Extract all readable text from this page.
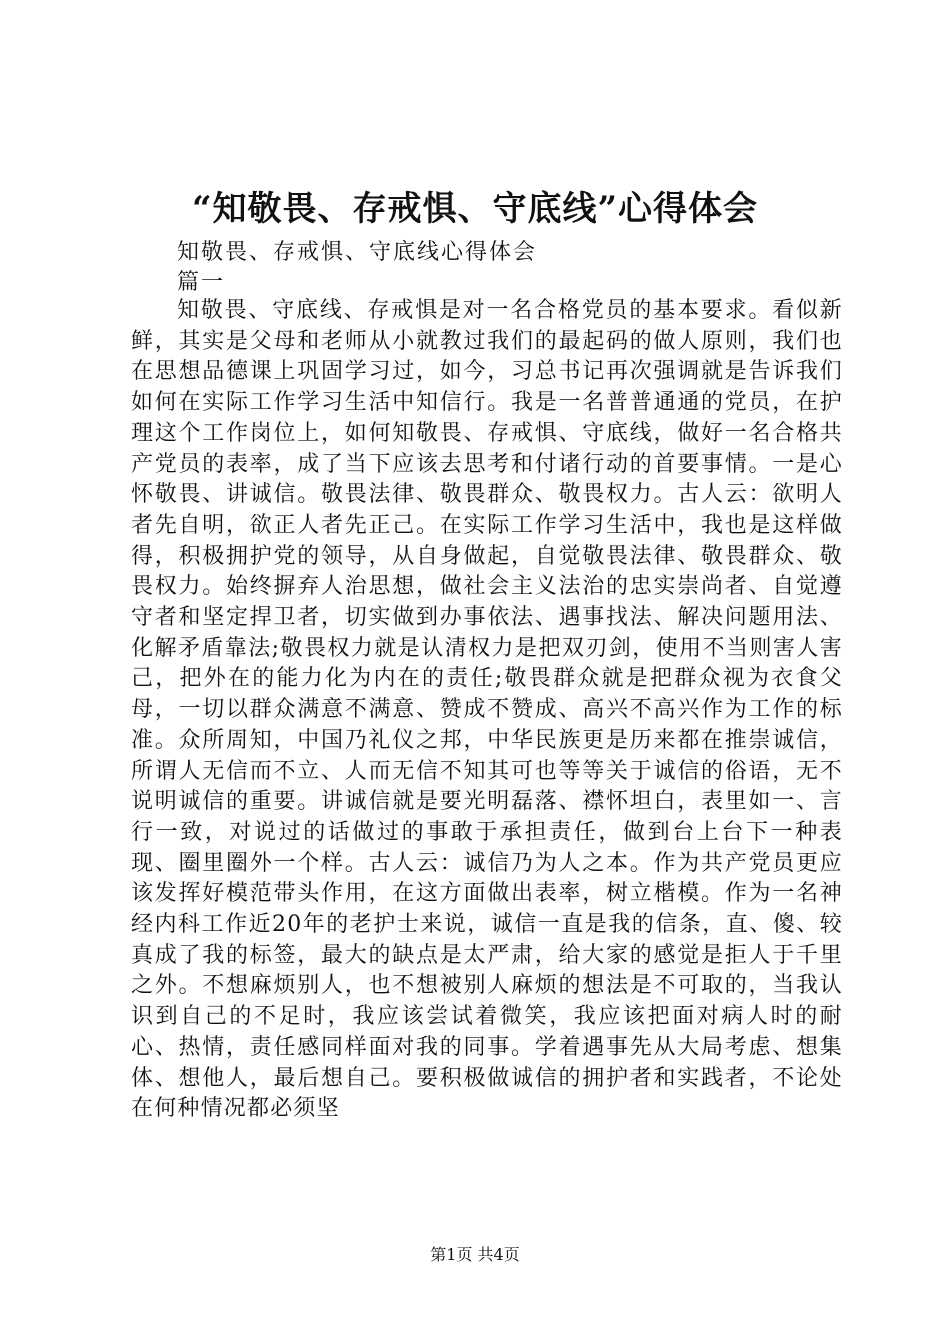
“知敬畏、存戒惧、守底线”心得体会
知敬畏、存戒惧、守底线心得体会
篇一

知敬畏、守底线、存戒惧是对一名合格党员的基本要求。看似新鲜，其实是父母和老师从小就教过我们的最起码的做人原则，我们也在思想品德课上巩固学习过，如今，习总书记再次强调就是告诉我们如何在实际工作学习生活中知信行。我是一名普普通通的党员，在护理这个工作岗位上，如何知敬畏、存戒惧、守底线，做好一名合格共产党员的表率，成了当下应该去思考和付诸行动的首要事情。一是心怀敬畏、讲诚信。敬畏法律、敬畏群众、敬畏权力。古人云：欲明人者先自明，欲正人者先正己。在实际工作学习生活中，我也是这样做得，积极拥护党的领导，从自身做起，自觉敬畏法律、敬畏群众、敬畏权力。始终摒弃人治思想，做社会主义法治的忠实崇尚者、自觉遵守者和坚定捍卫者，切实做到办事依法、遇事找法、解决问题用法、化解矛盾靠法;敬畏权力就是认清权力是把双刃剑，使用不当则害人害己，把外在的能力化为内在的责任;敬畏群众就是把群众视为衣食父母，一切以群众满意不满意、赞成不赞成、高兴不高兴作为工作的标准。众所周知，中国乃礼仪之邦，中华民族更是历来都在推崇诚信，所谓人无信而不立、人而无信不知其可也等等关于诚信的俗语，无不说明诚信的重要。讲诚信就是要光明磊落、襟怀坦白，表里如一、言行一致，对说过的话做过的事敢于承担责任，做到台上台下一种表现、圈里圈外一个样。古人云：诚信乃为人之本。作为共产党员更应该发挥好模范带头作用，在这方面做出表率，树立楷模。作为一名神经内科工作近20年的老护士来说，诚信一直是我的信条，直、傻、较真成了我的标签，最大的缺点是太严肃，给大家的感觉是拒人于千里之外。不想麻烦别人，也不想被别人麻烦的想法是不可取的，当我认识到自己的不足时，我应该尝试着微笑，我应该把面对病人时的耐心、热情，责任感同样面对我的同事。学着遇事先从大局考虑、想集体、想他人，最后想自己。要积极做诚信的拥护者和实践者，不论处在何种情况都必须坚

第1页 共4页
